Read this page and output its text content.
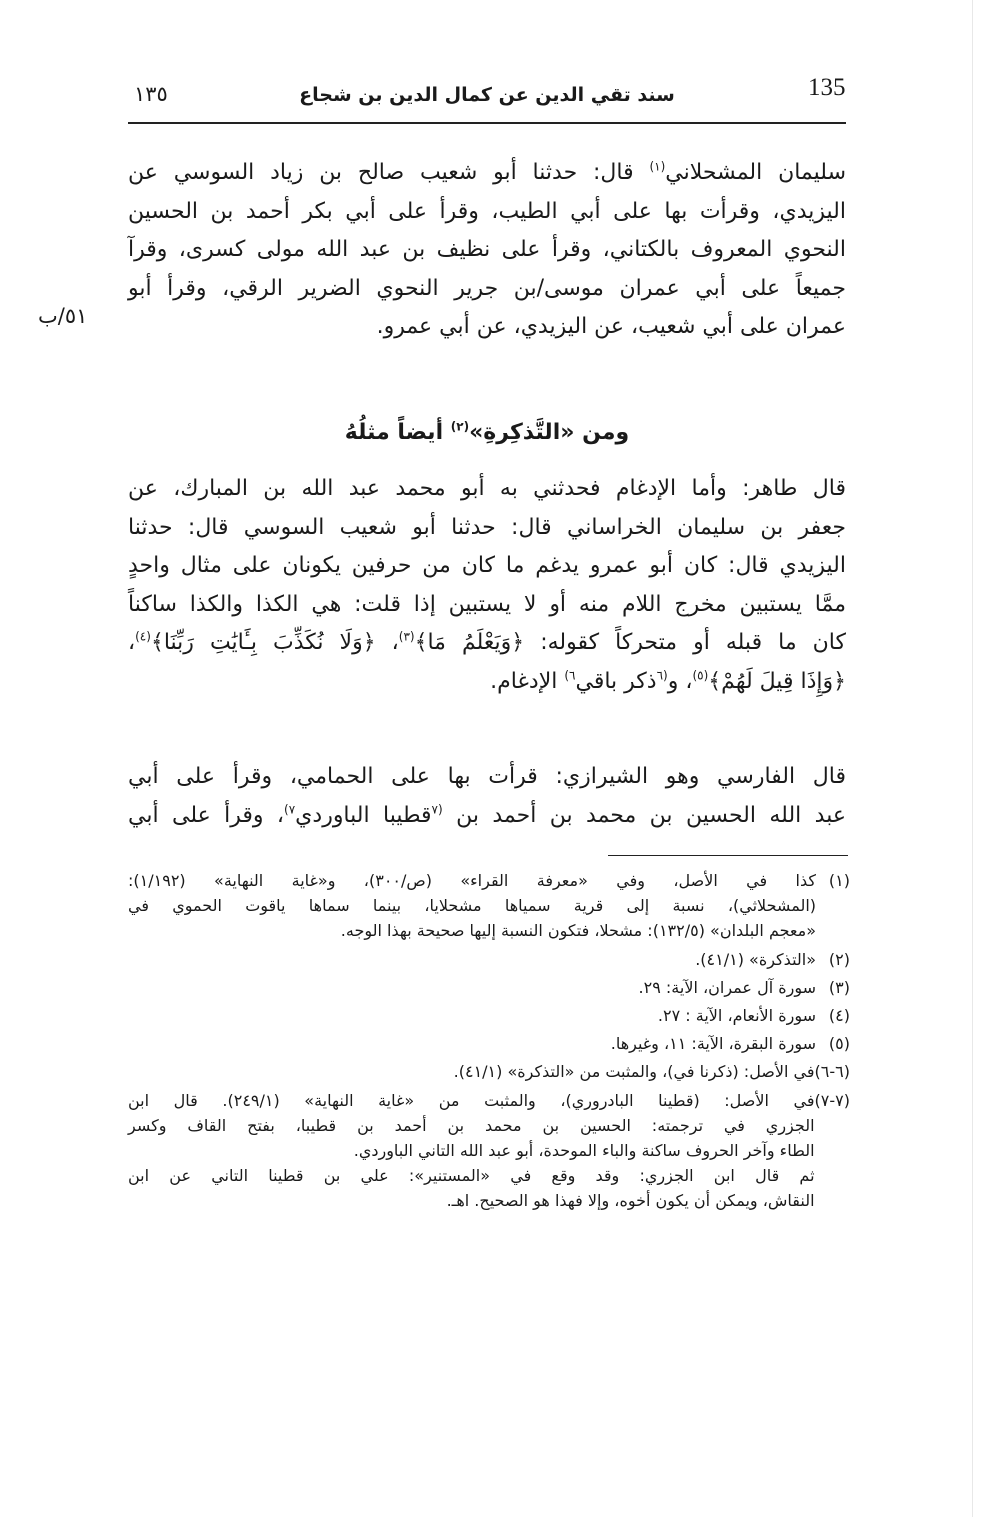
135
سند تقي الدين عن كمال الدين بن شجاع
١٣٥
٥١/ب
سليمان المشحلاني$^{(١)}$ قال: حدثنا أبو شعيب صالح بن زياد السوسي عن
اليزيدي، وقرأت بها على أبي الطيب، وقرأ على أبي بكر أحمد بن الحسين
النحوي المعروف بالكتاني، وقرأ على نظيف بن عبد الله مولى كسرى، وقرآ
جميعاً على أبي عمران موسى/بن جرير النحوي الضرير الرقي، وقرأ أبو
عمران على أبي شعيب، عن اليزيدي، عن أبي عمرو.
ومن «التَّذكِرةِ»$^{(٢)}$ أيضاً مثلُهُ
قال طاهر: وأما الإدغام فحدثني به أبو محمد عبد الله بن المبارك، عن
جعفر بن سليمان الخراساني قال: حدثنا أبو شعيب السوسي قال: حدثنا
اليزيدي قال: كان أبو عمرو يدغم ما كان من حرفين يكونان على مثال واحدٍ
ممَّا يستبين مخرج اللام منه أو لا يستبين إذا قلت: هي الكذا والكذا ساكناً
كان ما قبله أو متحركاً كقوله: ﴿وَيَعْلَمُ مَا﴾$^{(٣)}$، ﴿وَلَا نُكَذِّبَ بِـَٔايَٰتِ رَبِّنَا﴾$^{(٤)}$،
﴿وَإِذَا قِيلَ لَهُمْ﴾$^{(٥)}$، و$^{(٦}$ذكر باقي$^{٦)}$ الإدغام.
قال الفارسي وهو الشيرازي: قرأت بها على الحمامي، وقرأ على أبي
عبد الله الحسين بن محمد بن أحمد بن $^{(٧}$قطيبا الباوردي$^{٧)}$، وقرأ على أبي
(١)
كذا في الأصل، وفي «معرفة القراء» (ص/٣٠٠)، و«غاية النهاية» (١/١٩٢):
(المشحلاثي)، نسبة إلى قرية سمياها مشحلايا، بينما سماها ياقوت الحموي في
«معجم البلدان» (١٣٢/٥): مشحلا، فتكون النسبة إليها صحيحة بهذا الوجه.
(٢)
«التذكرة» (٤١/١).
(٣)
سورة آل عمران، الآية: ٢٩.
(٤)
سورة الأنعام، الآية : ٢٧.
(٥)
سورة البقرة، الآية: ١١، وغيرها.
(٦-٦)
في الأصل: (ذكرنا في)، والمثبت من «التذكرة» (٤١/١).
(٧-٧)
في الأصل: (قطينا البادروري)، والمثبت من «غاية النهاية» (٢٤٩/١). قال ابن
الجزري في ترجمته: الحسين بن محمد بن أحمد بن قطيبا، بفتح القاف وكسر
الطاء وآخر الحروف ساكنة والباء الموحدة، أبو عبد الله التاني الباوردي.
ثم قال ابن الجزري: وقد وقع في «المستنير»: علي بن قطينا التاني عن ابن
النقاش، ويمكن أن يكون أخوه، وإلا فهذا هو الصحيح. اهـ.
